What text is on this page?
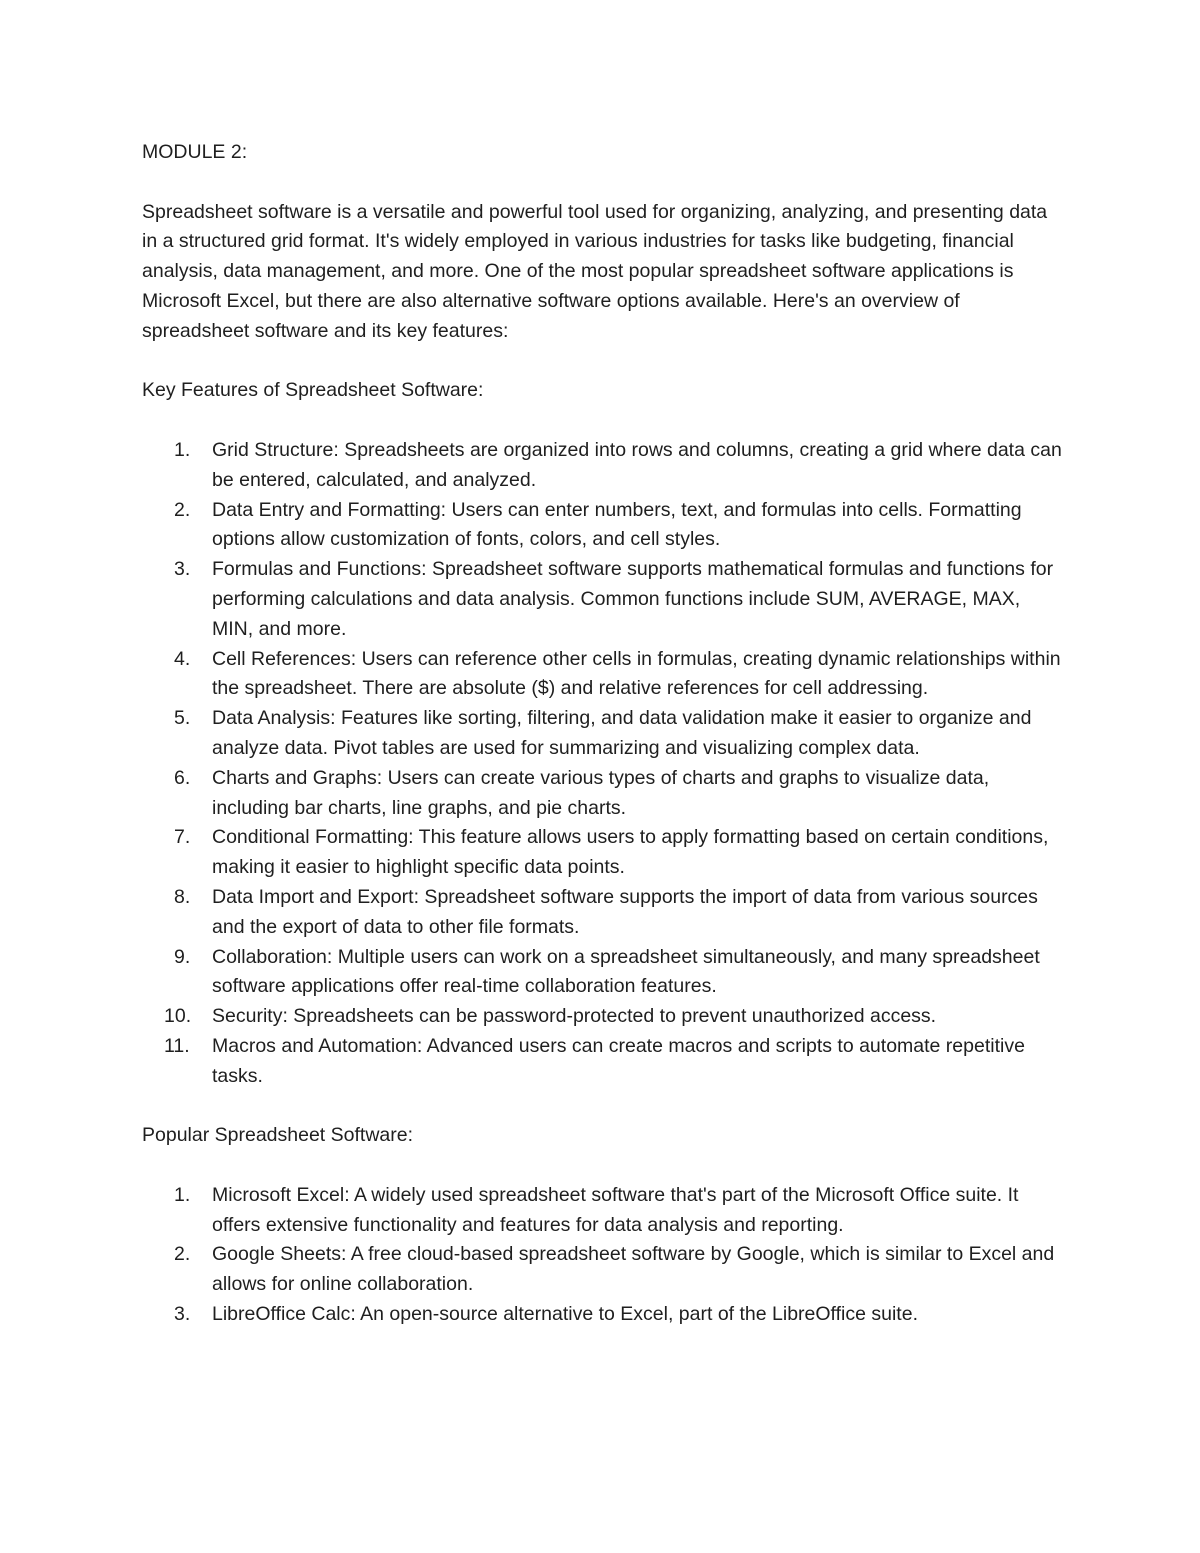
MODULE 2:

Spreadsheet software is a versatile and powerful tool used for organizing, analyzing, and presenting data in a structured grid format. It's widely employed in various industries for tasks like budgeting, financial analysis, data management, and more. One of the most popular spreadsheet software applications is Microsoft Excel, but there are also alternative software options available. Here's an overview of spreadsheet software and its key features:

Key Features of Spreadsheet Software:

1. Grid Structure: Spreadsheets are organized into rows and columns, creating a grid where data can be entered, calculated, and analyzed.
2. Data Entry and Formatting: Users can enter numbers, text, and formulas into cells. Formatting options allow customization of fonts, colors, and cell styles.
3. Formulas and Functions: Spreadsheet software supports mathematical formulas and functions for performing calculations and data analysis. Common functions include SUM, AVERAGE, MAX, MIN, and more.
4. Cell References: Users can reference other cells in formulas, creating dynamic relationships within the spreadsheet. There are absolute ($) and relative references for cell addressing.
5. Data Analysis: Features like sorting, filtering, and data validation make it easier to organize and analyze data. Pivot tables are used for summarizing and visualizing complex data.
6. Charts and Graphs: Users can create various types of charts and graphs to visualize data, including bar charts, line graphs, and pie charts.
7. Conditional Formatting: This feature allows users to apply formatting based on certain conditions, making it easier to highlight specific data points.
8. Data Import and Export: Spreadsheet software supports the import of data from various sources and the export of data to other file formats.
9. Collaboration: Multiple users can work on a spreadsheet simultaneously, and many spreadsheet software applications offer real-time collaboration features.
10. Security: Spreadsheets can be password-protected to prevent unauthorized access.
11. Macros and Automation: Advanced users can create macros and scripts to automate repetitive tasks.

Popular Spreadsheet Software:

1. Microsoft Excel: A widely used spreadsheet software that's part of the Microsoft Office suite. It offers extensive functionality and features for data analysis and reporting.
2. Google Sheets: A free cloud-based spreadsheet software by Google, which is similar to Excel and allows for online collaboration.
3. LibreOffice Calc: An open-source alternative to Excel, part of the LibreOffice suite.
